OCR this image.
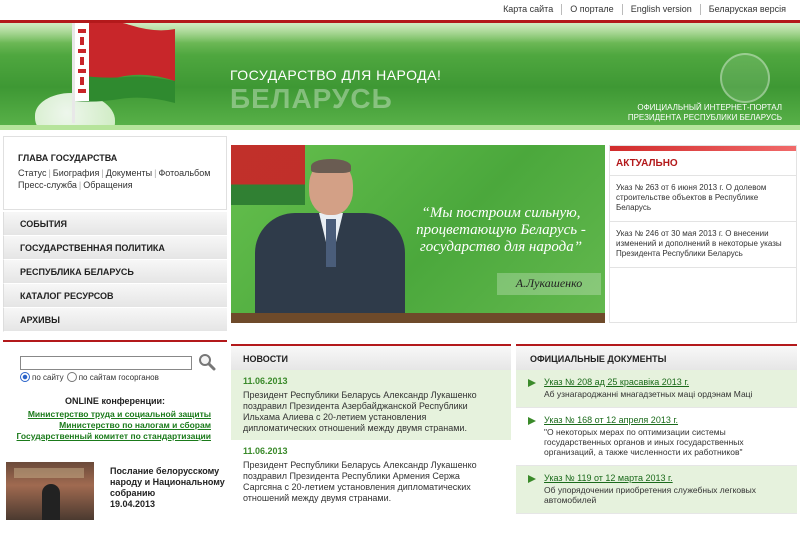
Карта сайта	О портале	English version	Беларуская версія
ГОСУДАРСТВО ДЛЯ НАРОДА!
БЕЛАРУСЬ	ОФИЦИАЛЬНЫЙ ИНТЕРНЕТ-ПОРТАЛ
ПРЕЗИДЕНТА РЕСПУБЛИКИ БЕЛАРУСЬ
ГЛАВА ГОСУДАРСТВА
Статус | Биография | Документы | Фотоальбом
Пресс-служба | Обращения
СОБЫТИЯ
ГОСУДАРСТВЕННАЯ ПОЛИТИКА
РЕСПУБЛИКА БЕЛАРУСЬ
КАТАЛОГ РЕСУРСОВ
АРХИВЫ
по сайту по сайтам госорганов
ONLINE конференции:
Министерство труда и социальной защиты
Министерство по налогам и сборам
Государственный комитет по стандартизации
Послание белорусскому
народу и Национальному
собранию
19.04.2013
“Мы построим сильную, процветающую Беларусь - государство для народа”
А.Лукашенко
АКТУАЛЬНО
Указ № 263 от 6 июня 2013 г. О долевом строительстве объектов в Республике Беларусь
Указ № 246 от 30 мая 2013 г. О внесении изменений и дополнений в некоторые указы Президента Республики Беларусь
НОВОСТИ
11.06.2013
Президент Республики Беларусь Александр Лукашенко поздравил Президента Азербайджанской Республики Ильхама Алиева с 20-летием установления дипломатических отношений между двумя странами.
11.06.2013
Президент Республики Беларусь Александр Лукашенко поздравил Президента Республики Армения Сержа Саргсяна с 20-летием установления дипломатических отношений между двумя странами.
ОФИЦИАЛЬНЫЕ ДОКУМЕНТЫ
Указ № 208 ад 25 красавіка 2013 г.
Аб узнагароджанні мнагадзетных маці ордэнам Маці
Указ № 168 от 12 апреля 2013 г.
"О некоторых мерах по оптимизации системы государственных органов и иных государственных организаций, а также численности их работников"
Указ № 119 от 12 марта 2013 г.
Об упорядочении приобретения служебных легковых автомобилей
